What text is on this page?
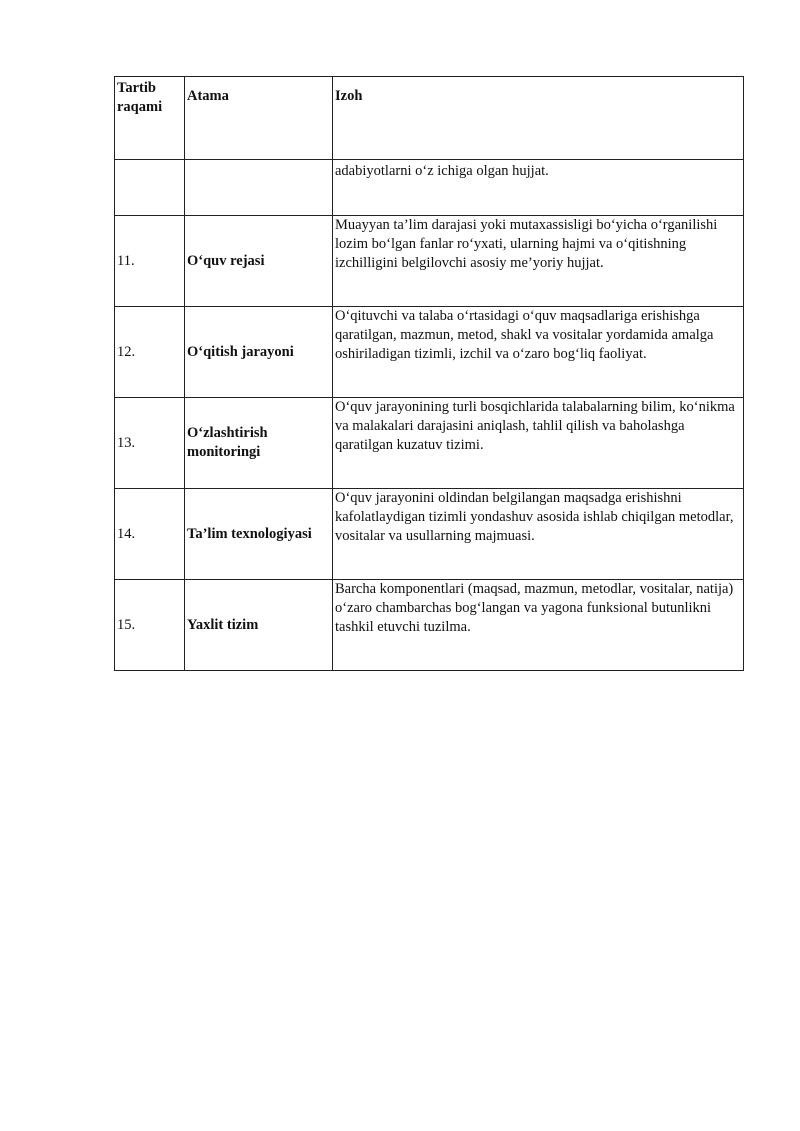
Tartib raqami	Atama	Izoh
		adabiyotlarni o‘z ichiga olgan hujjat.
11.	O‘quv rejasi	Muayyan ta’lim darajasi yoki mutaxassisligi bo‘yicha o‘rganilishi lozim bo‘lgan fanlar ro‘yxati, ularning hajmi va o‘qitishning izchilligini belgilovchi asosiy me’yoriy hujjat.
12.	O‘qitish jarayoni	O‘qituvchi va talaba o‘rtasidagi o‘quv maqsadlariga erishishga qaratilgan, mazmun, metod, shakl va vositalar yordamida amalga oshiriladigan tizimli, izchil va o‘zaro bog‘liq faoliyat.
13.	O‘zlashtirish monitoringi	O‘quv jarayonining turli bosqichlarida talabalarning bilim, ko‘nikma va malakalari darajasini aniqlash, tahlil qilish va baholashga qaratilgan kuzatuv tizimi.
14.	Ta’lim texnologiyasi	O‘quv jarayonini oldindan belgilangan maqsadga erishishni kafolatlaydigan tizimli yondashuv asosida ishlab chiqilgan metodlar, vositalar va usullarning majmuasi.
15.	Yaxlit tizim	Barcha komponentlari (maqsad, mazmun, metodlar, vositalar, natija) o‘zaro chambarchas bog‘langan va yagona funksional butunlikni tashkil etuvchi tuzilma.
